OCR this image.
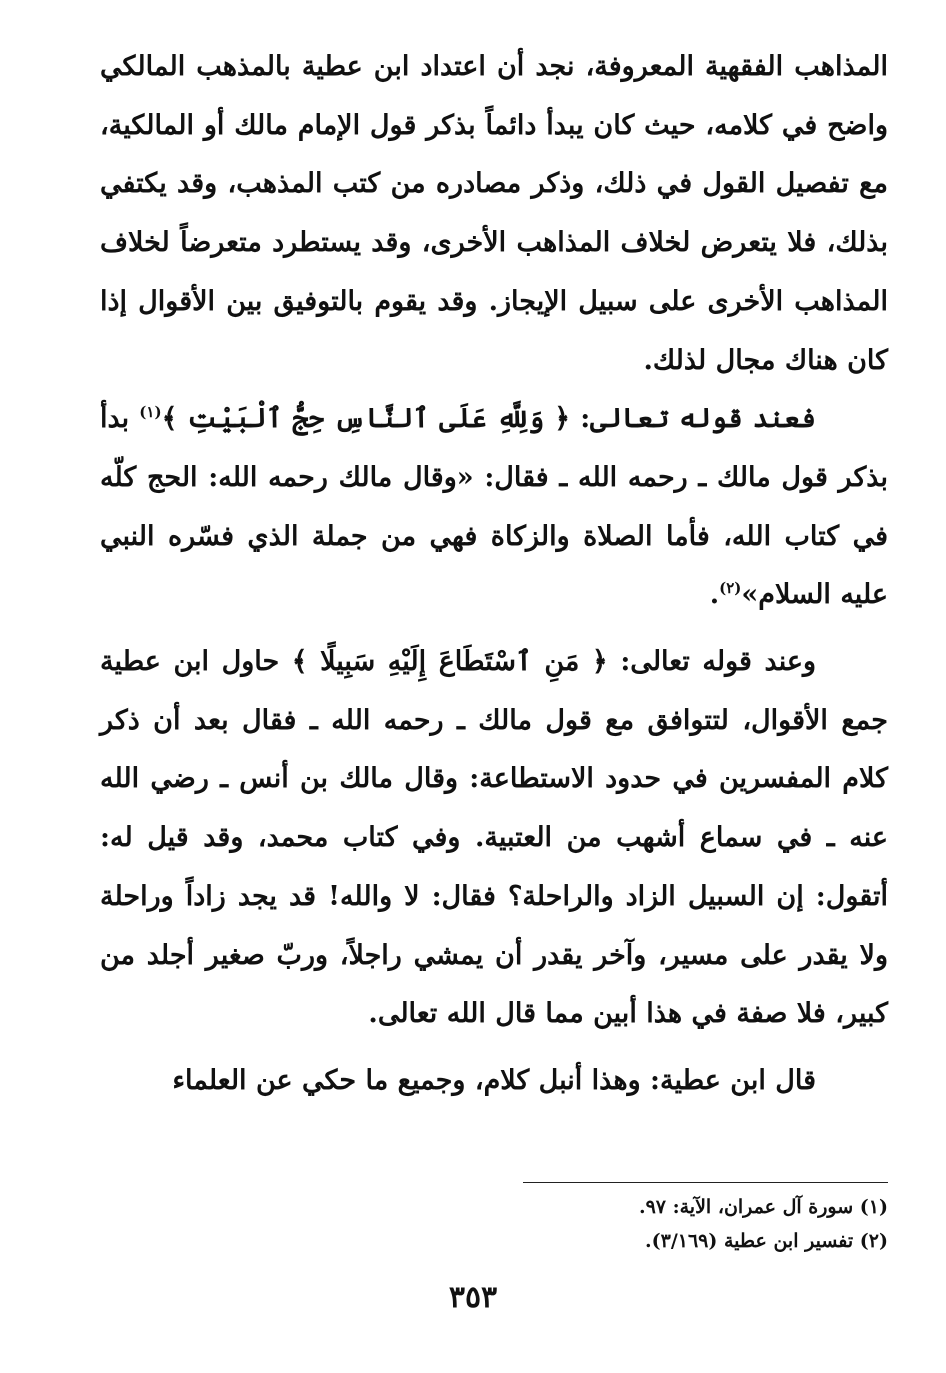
المذاهب الفقهية المعروفة، نجد أن اعتداد ابن عطية بالمذهب المالكي واضح في كلامه، حيث كان يبدأ دائماً بذكر قول الإمام مالك أو المالكية، مع تفصيل القول في ذلك، وذكر مصادره من كتب المذهب، وقد يكتفي بذلك، فلا يتعرض لخلاف المذاهب الأخرى، وقد يستطرد متعرضاً لخلاف المذاهب الأخرى على سبيل الإيجاز. وقد يقوم بالتوفيق بين الأقوال إذا كان هناك مجال لذلك.

فعند قوله تعالى: ﴿ وَلِلَّهِ عَلَى ٱلنَّاسِ حِجُّ ٱلْبَيْتِ ﴾$^{(١)}$ بدأ بذكر قول مالك ـ رحمه الله ـ فقال: «وقال مالك رحمه الله: الحج كلّه في كتاب الله، فأما الصلاة والزكاة فهي من جملة الذي فسّره النبي عليه السلام»$^{(٢)}$.

وعند قوله تعالى: ﴿ مَنِ ٱسْتَطَاعَ إِلَيْهِ سَبِيلًا ﴾ حاول ابن عطية جمع الأقوال، لتتوافق مع قول مالك ـ رحمه الله ـ فقال بعد أن ذكر كلام المفسرين في حدود الاستطاعة: وقال مالك بن أنس ـ رضي الله عنه ـ في سماع أشهب من العتبية. وفي كتاب محمد، وقد قيل له: أتقول: إن السبيل الزاد والراحلة؟ فقال: لا والله! قد يجد زاداً وراحلة ولا يقدر على مسير، وآخر يقدر أن يمشي راجلاً، وربّ صغير أجلد من كبير، فلا صفة في هذا أبين مما قال الله تعالى.

قال ابن عطية: وهذا أنبل كلام، وجميع ما حكي عن العلماء

(١) سورة آل عمران، الآية: ٩٧.
(٢) تفسير ابن عطية (٣/١٦٩).
٣٥٣
